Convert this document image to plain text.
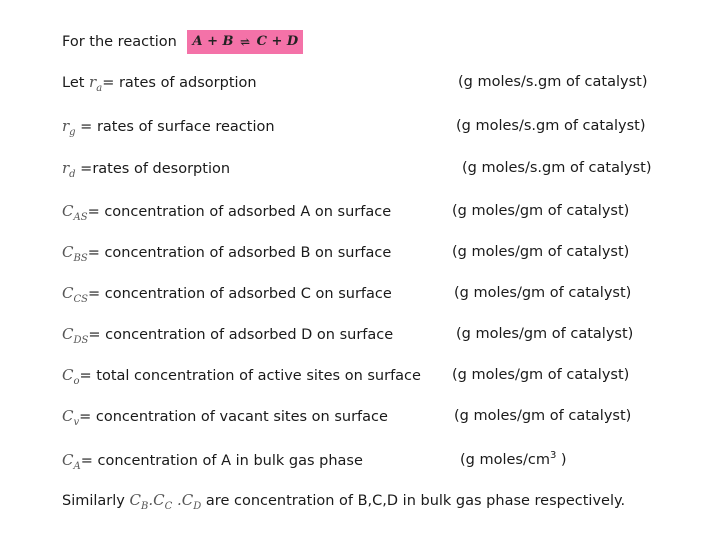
For the reaction A + B ⇌ C + D
Let $r_a=$ rates of adsorption	(g moles/s.gm of catalyst)
$r_g$ = rates of surface reaction	(g moles/s.gm of catalyst)
$r_d$ =rates of desorption	(g moles/s.gm of catalyst)
$C_{AS}=$ concentration of adsorbed A on surface	(g moles/gm of catalyst)
$C_{BS}=$ concentration of adsorbed B on surface	(g moles/gm of catalyst)
$C_{CS}=$ concentration of adsorbed C on surface	(g moles/gm of catalyst)
$C_{DS}=$ concentration of adsorbed D on surface	(g moles/gm of catalyst)
$C_o=$ total concentration of active sites on surface (g moles/gm of catalyst)
$C_v=$ concentration of vacant sites on surface	(g moles/gm of catalyst)
$C_A=$ concentration of A in bulk gas phase	(g moles/$cm^3$ )
Similarly $C_B.C_C$ $.C_D$ are concentration of B,C,D in bulk gas phase respectively.
